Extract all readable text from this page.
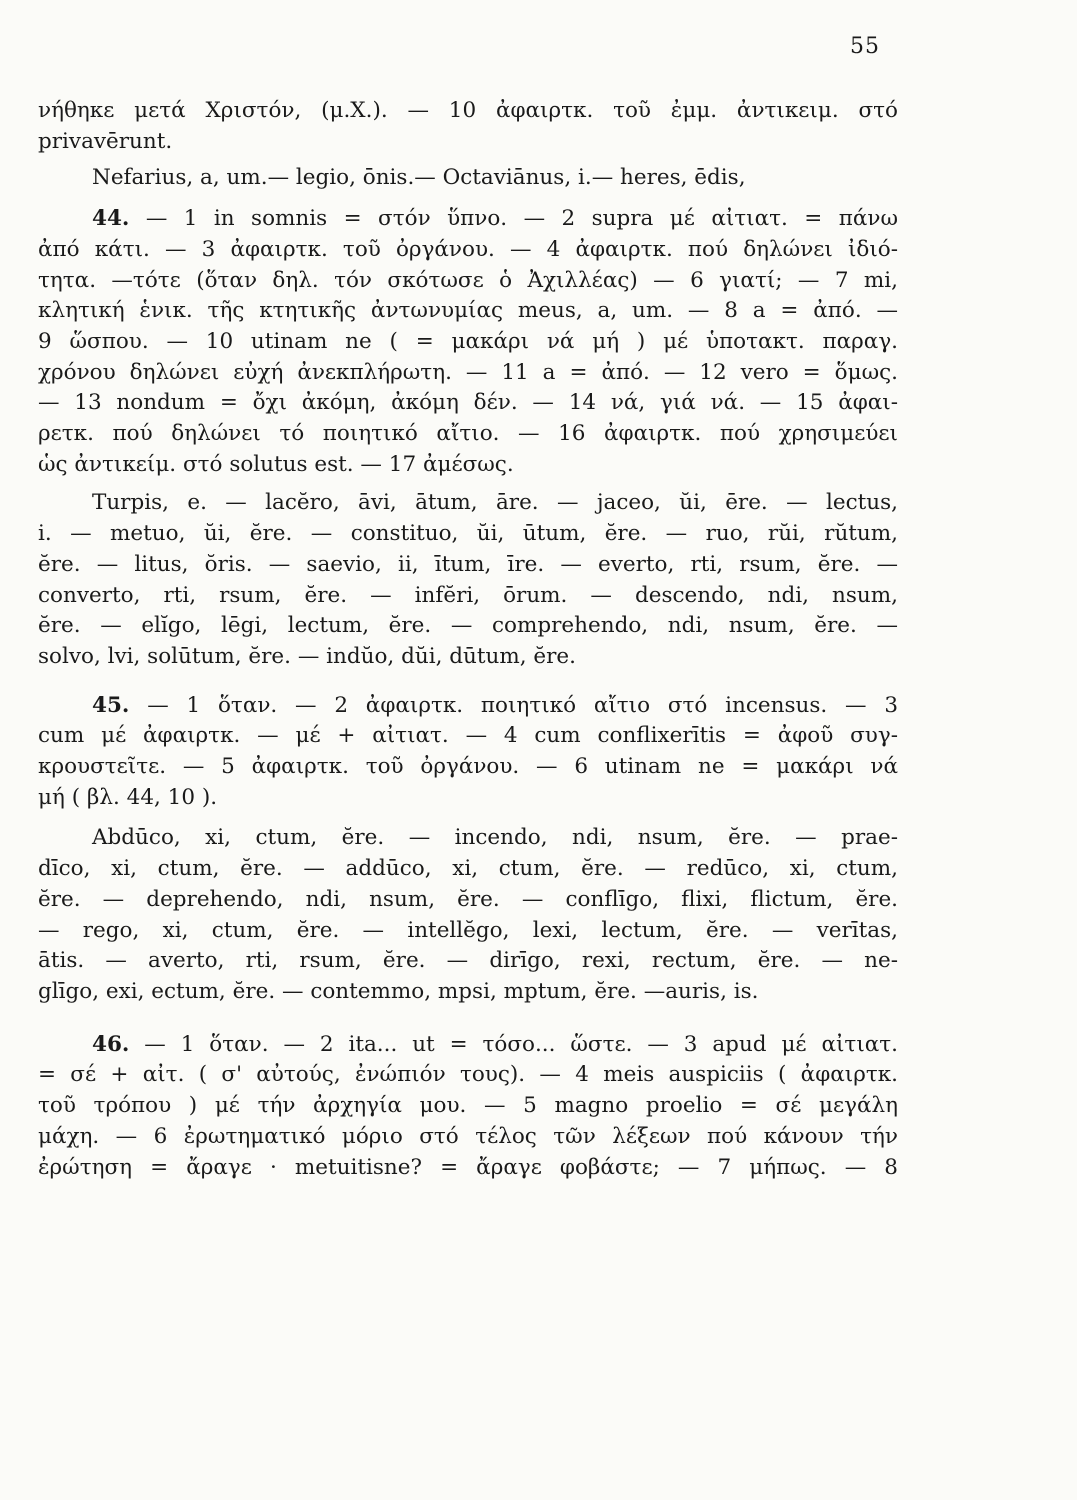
55
νήθηκε μετά Χριστόν, (μ.Χ.). — 10 ἀφαιρτκ. τοῦ ἐμμ. ἀντικειμ. στό
privavērunt.
Nefarius, a, um.— legio, ōnis.— Octaviānus, i.— heres, ēdis,
44. — 1 in somnis = στόν ὕπνο. — 2 supra μέ αἰτιατ. = πάνω
ἀπό κάτι. — 3 ἀφαιρτκ. τοῦ ὀργάνου. — 4 ἀφαιρτκ. πού δηλώνει ἰδιό-
τητα. —τότε (ὅταν δηλ. τόν σκότωσε ὁ Ἀχιλλέας) — 6 γιατί; — 7 mi,
κλητική ἑνικ. τῆς κτητικῆς ἀντωνυμίας meus, a, um. — 8 a = ἀπό. —
9 ὥσπου. — 10 utinam ne ( = μακάρι νά μή ) μέ ὑποτακτ. παραγ.
χρόνου δηλώνει εὐχή ἀνεκπλήρωτη. — 11 a = ἀπό. — 12 vero = ὅμως.
— 13 nondum = ὄχι ἀκόμη, ἀκόμη δέν. — 14 νά, γιά νά. — 15 ἀφαι-
ρετκ. πού δηλώνει τό ποιητικό αἴτιο. — 16 ἀφαιρτκ. πού χρησιμεύει
ὡς ἀντικείμ. στό solutus est. — 17 ἀμέσως.
Turpis, e. — lacĕro, āvi, ātum, āre. — jaceo, ŭi, ēre. — lectus,
i. — metuo, ŭi, ĕre. — constituo, ŭi, ūtum, ĕre. — ruo, rŭi, rŭtum,
ĕre. — litus, ŏris. — saevio, ii, ītum, īre. — everto, rti, rsum, ĕre. —
converto, rti, rsum, ĕre. — infĕri, ōrum. — descendo, ndi, nsum,
ĕre. — elĭgo, lēgi, lectum, ĕre. — comprehendo, ndi, nsum, ĕre. —
solvo, lvi, solūtum, ĕre. — indŭo, dŭi, dūtum, ĕre.
45. — 1 ὅταν. — 2 ἀφαιρτκ. ποιητικό αἴτιο στό incensus. — 3
cum μέ ἀφαιρτκ. — μέ + αἰτιατ. — 4 cum conflixerītis = ἀφοῦ συγ-
κρουστεῖτε. — 5 ἀφαιρτκ. τοῦ ὀργάνου. — 6 utinam ne = μακάρι νά
μή ( βλ. 44, 10 ).
Abdūco, xi, ctum, ĕre. — incendo, ndi, nsum, ĕre. — prae-
dīco, xi, ctum, ĕre. — addūco, xi, ctum, ĕre. — redūco, xi, ctum,
ĕre. — deprehendo, ndi, nsum, ĕre. — conflīgo, flixi, flictum, ĕre.
— rego, xi, ctum, ĕre. — intellĕgo, lexi, lectum, ĕre. — verītas,
ātis. — averto, rti, rsum, ĕre. — dirīgo, rexi, rectum, ĕre. — ne-
glīgo, exi, ectum, ĕre. — contemmo, mpsi, mptum, ĕre. —auris, is.
46. — 1 ὅταν. — 2 ita... ut = τόσο... ὥστε. — 3 apud μέ αἰτιατ.
= σέ + αἰτ. ( σ' αὐτούς, ἐνώπιόν τους). — 4 meis auspiciis ( ἀφαιρτκ.
τοῦ τρόπου ) μέ τήν ἀρχηγία μου. — 5 magno proelio = σέ μεγάλη
μάχη. — 6 ἐρωτηματικό μόριο στό τέλος τῶν λέξεων πού κάνουν τήν
ἐρώτηση = ἄραγε · metuitisne? = ἄραγε φοβάστε; — 7 μήπως. — 8
